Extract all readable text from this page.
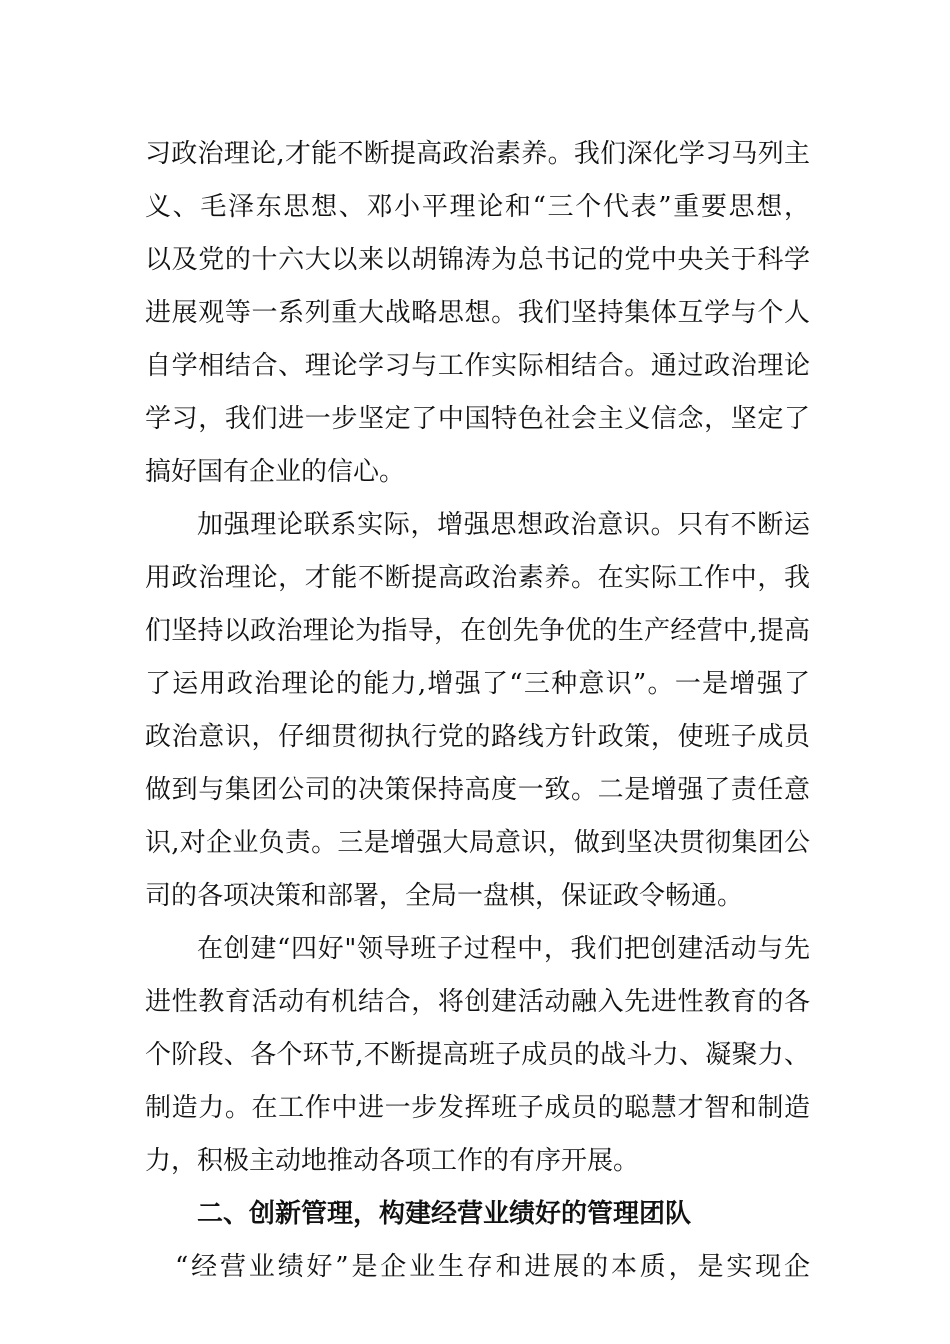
习政治理论,才能不断提高政治素养。我们深化学习马列主
义、毛泽东思想、邓小平理论和“三个代表”重要思想，
以及党的十六大以来以胡锦涛为总书记的党中央关于科学
进展观等一系列重大战略思想。我们坚持集体互学与个人
自学相结合、理论学习与工作实际相结合。通过政治理论
学习，我们进一步坚定了中国特色社会主义信念，坚定了
搞好国有企业的信心。
加强理论联系实际，增强思想政治意识。只有不断运
用政治理论，才能不断提高政治素养。在实际工作中，我
们坚持以政治理论为指导，在创先争优的生产经营中,提高
了运用政治理论的能力,增强了“三种意识”。一是增强了
政治意识，仔细贯彻执行党的路线方针政策，使班子成员
做到与集团公司的决策保持高度一致。二是增强了责任意
识,对企业负责。三是增强大局意识，做到坚决贯彻集团公
司的各项决策和部署，全局一盘棋，保证政令畅通。
在创建“四好"领导班子过程中，我们把创建活动与先
进性教育活动有机结合，将创建活动融入先进性教育的各
个阶段、各个环节,不断提高班子成员的战斗力、凝聚力、
制造力。在工作中进一步发挥班子成员的聪慧才智和制造
力，积极主动地推动各项工作的有序开展。
二、创新管理，构建经营业绩好的管理团队
“经营业绩好”是企业生存和进展的本质，是实现企
